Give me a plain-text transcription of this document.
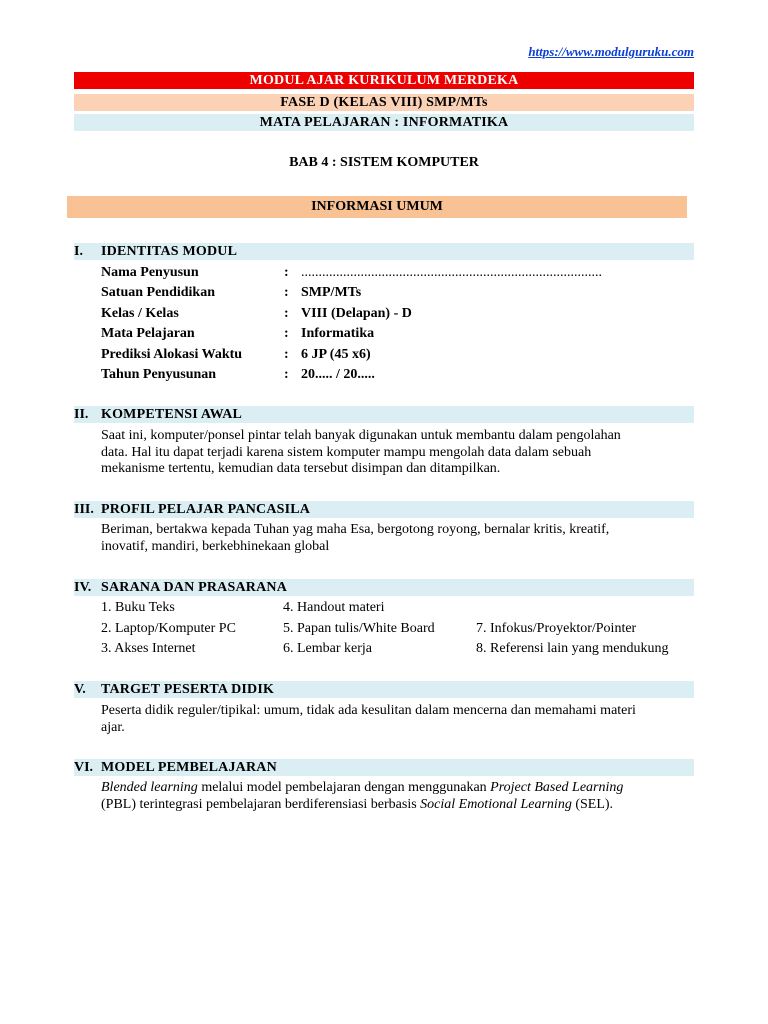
https://www.modulguruku.com
MODUL AJAR KURIKULUM MERDEKA
FASE D (KELAS VIII) SMP/MTs
MATA PELAJARAN : INFORMATIKA
BAB 4 : SISTEM KOMPUTER
INFORMASI UMUM
I. IDENTITAS MODUL
Nama Penyusun	: ......................................................................................
Satuan Pendidikan	: SMP/MTs
Kelas / Kelas	: VIII (Delapan) - D
Mata Pelajaran	: Informatika
Prediksi Alokasi Waktu	: 6 JP (45 x6)
Tahun Penyusunan	: 20..... / 20.....
II. KOMPETENSI AWAL
Saat ini, komputer/ponsel pintar telah banyak digunakan untuk membantu dalam pengolahan
data. Hal itu dapat terjadi karena sistem komputer mampu mengolah data dalam sebuah
mekanisme tertentu, kemudian data tersebut disimpan dan ditampilkan.
III. PROFIL PELAJAR PANCASILA
Beriman, bertakwa kepada Tuhan yag maha Esa, bergotong royong, bernalar kritis, kreatif,
inovatif, mandiri, berkebhinekaan global
IV. SARANA DAN PRASARANA
1. Buku Teks	4. Handout materi
2. Laptop/Komputer PC	5. Papan tulis/White Board	7. Infokus/Proyektor/Pointer
3. Akses Internet	6. Lembar kerja	8. Referensi lain yang mendukung
V. TARGET PESERTA DIDIK
Peserta didik reguler/tipikal: umum, tidak ada kesulitan dalam mencerna dan memahami materi
ajar.
VI. MODEL PEMBELAJARAN
Blended learning melalui model pembelajaran dengan menggunakan Project Based Learning
(PBL) terintegrasi pembelajaran berdiferensiasi berbasis Social Emotional Learning (SEL).
